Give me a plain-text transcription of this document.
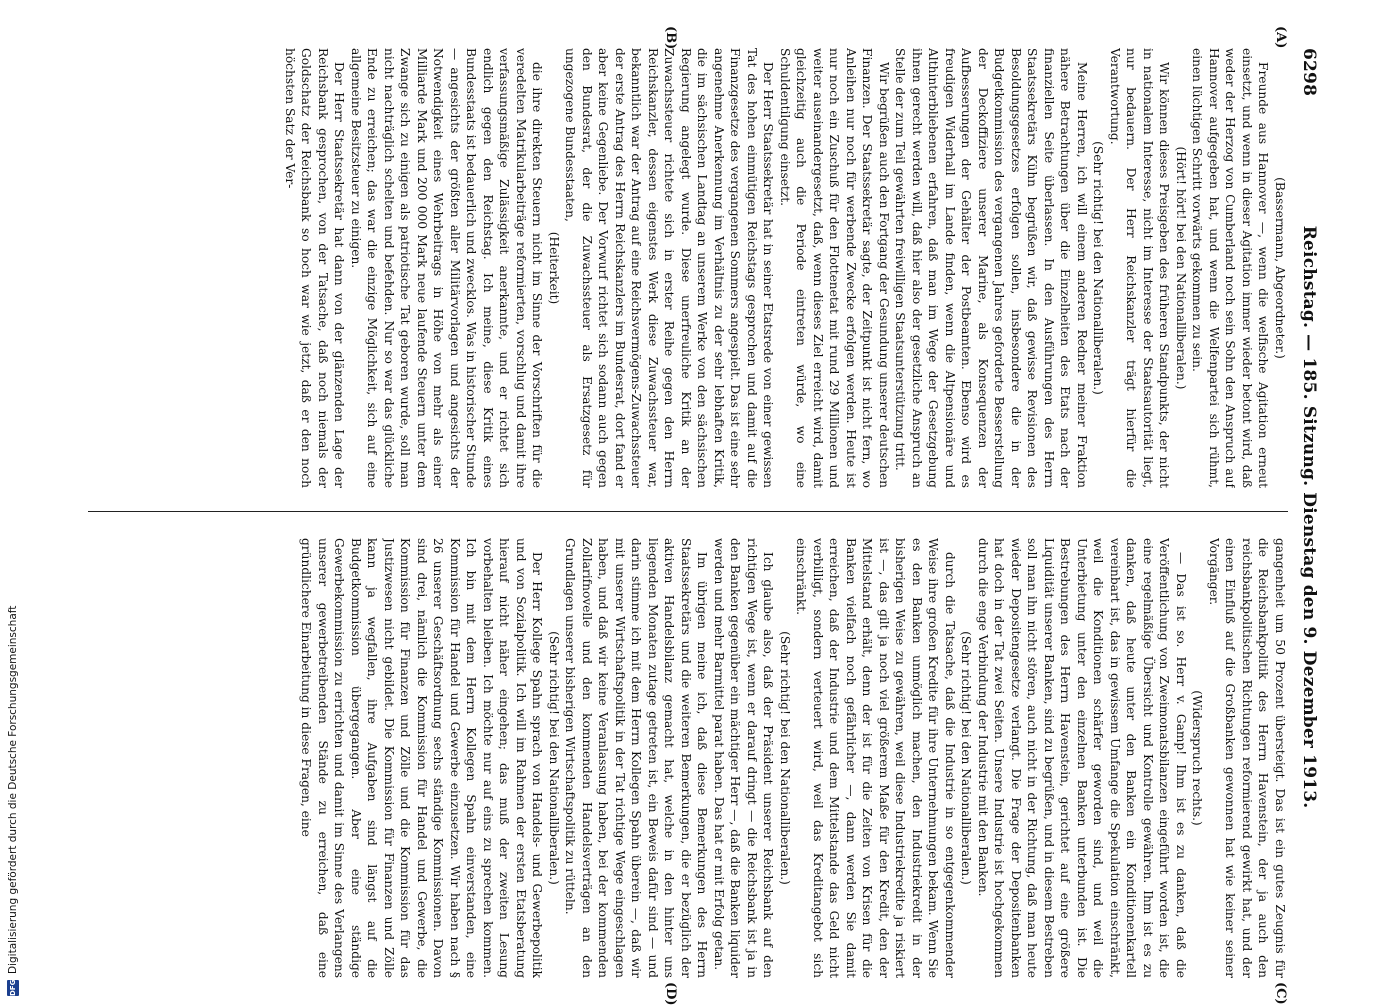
6298
Reichstag. — 185. Sitzung. Dienstag den 9. Dezember 1913.

(Bassermann, Abgeordneter.)

Freunde aus Hannover —, wenn die welfische Agitation erneut einsetzt, und wenn in dieser Agitation immer wieder betont wird, daß weder der Herzog von Cumberland noch sein Sohn den Anspruch auf Hannover aufgegeben hat, und wenn die Welfenpartei sich rühmt, einen lüchtigen Schritt vorwärts gekommen zu sein.

(Hört! hört! bei den Nationalliberalen.)

Wir können dieses Preisgeben des früheren Standpunkts, der nicht in nationalem Interesse, nicht im Interesse der Staatsautorität liegt, nur bedauern. Der Herr Reichskanzler trägt hierfür die Verantwortung.

(Sehr richtig! bei den Nationalliberalen.)

Meine Herren, ich will einem anderen Redner meiner Fraktion nähere Betrachtungen über die Einzelheiten des Etats nach der finanziellen Seite überlassen. In den Ausführungen des Herrn Staatssekretärs Kühn begrüßen wir, daß gewisse Revisionen des Besoldungsgesetzes erfolgen sollen, insbesondere die in der Budgetkommission des vergangenen Jahres geforderte Besserstellung der Deckoffiziere unserer Marine, als Konsequenzen der Aufbesserungen der Gehälter der Postbeamten. Ebenso wird es freudigen Widerhall im Lande finden, wenn die Altpensionäre und Althinterbliebenen erfahren, daß man im Wege der Gesetzgebung ihnen gerecht werden will, daß hier also der gesetzliche Anspruch an Stelle der zum Teil gewährten freiwilligen Staatsunterstützung tritt.

Wir begrüßen auch den Fortgang der Gesundung unserer deutschen Finanzen. Der Staatssekretär sagte, der Zeitpunkt ist nicht fern, wo Anleihen nur noch für werbende Zwecke erfolgen werden. Heute ist nur noch ein Zuschuß für den Flottenetat mit rund 29 Millionen und weiter auseinandergesetzt, daß, wenn dieses Ziel erreicht wird, damit gleichzeitig auch die Periode eintreten würde, wo eine Schuldentilgung einsetzt.

Der Herr Staatssekretär hat in seiner Etatsrede von einer gewissen Tat des hohen einmütigen Reichstags gesprochen und damit auf die Finanzgesetze des vergangenen Sommers angespielt. Das ist eine sehr angenehme Anerkennung im Verhältnis zu der sehr lebhaften Kritik, die im sächsischen Landtag an unserem Werke von den sächsischen Regierung angelegt wurde. Diese unerfreuliche Kritik an der Zuwachssteuer richtete sich in erster Reihe gegen den Herrn Reichskanzler, dessen eigenstes Werk diese Zuwachssteuer war, bekanntlich war der Antrag auf eine Reichsvermögens-Zuwachssteuer der erste Antrag des Herrn Reichskanzlers im Bundesrat, dort fand er aber keine Gegenliebe. Der Vorwurf richtet sich sodann auch gegen den Bundesrat, der die Zuwachssteuer als Ersatzgesetz für ungezogene Bundesstaaten,

(Heiterkeit)

die ihre direkten Steuern nicht im Sinne der Vorschriften für die veredelten Matrikularbeiträge reformierten, vorschlug und damit ihre verfassungsmäßige Zulässigkeit anerkannte, und er richtet sich endlich gegen den Reichstag. Ich meine, diese Kritik eines Bundesstaats ist bedauerlich und zwecklos. Was in historischer Stunde — angesichts der größten aller Militärvorlagen und angesichts der Notwendigkeit eines Wehrbeitrags in Höhe von mehr als einer Milliarde Mark und 200 000 Mark neue laufende Steuern unter dem Zwange sich zu einigen als patriotische Tat geboren wurde, soll man nicht nachträglich schelten und befehden. Nur so war das glückliche Ende zu erreichen; das war die einzige Möglichkeit, sich auf eine allgemeine Besitzsteuer zu einigen.

Der Herr Staatssekretär hat dann von der glänzenden Lage der Reichsbank gesprochen, von der Tatsache, daß noch niemals der Goldschatz der Reichsbank so hoch war wie jetzt, daß er den noch höchsten Satz der Ver-

gangenheit um 50 Prozent übersteigt. Das ist ein gutes Zeugnis für die Reichsbankpolitik des Herrn Havenstein, der ja auch den reichsbankpolitischen Richtungen reformierend gewirkt hat, und der einen Einfluß auf die Großbanken gewonnen hat wie keiner seiner Vorgänger.

(Widerspruch rechts.)

— Das ist so. Herr v. Gamp! Ihm ist es zu danken, daß die Veröffentlichung von Zweimonatsbilanzen eingeführt worden ist, die eine regelmäßige Übersicht und Kontrolle gewähren. Ihm ist es zu danken, daß heute unter den Banken ein Konditionenkartell vereinbart ist, das in gewissem Umfange die Spekulation einschränkt, weil die Konditionen schärfer geworden sind, und weil die Unterbietung unter den einzelnen Banken unterbunden ist. Die Bestrebungen des Herrn Havenstein, gerichtet auf eine größere Liquidität unserer Banken, sind zu begrüßen, und in diesem Bestreben soll man ihn nicht stören, auch nicht in der Richtung, daß man heute wieder Depositengesetze verlangt. Die Frage der Depositenbanken hat doch in der Tat zwei Seiten. Unsere Industrie ist hochgekommen durch die enge Verbindung der Industrie mit den Banken.

(Sehr richtig! bei den Nationalliberalen.)

durch die Tatsache, daß die Industrie in so entgegenkommender Weise ihre großen Kredite für ihre Unternehmungen bekam. Wenn Sie es den Banken unmöglich machen, den Industriekredit in der bisherigen Weise zu gewähren, weil diese Industriekredite ja riskiert ist —, das gilt ja noch viel größerem Maße für den Kredit, den der Mittelstand erhält, denn der ist für die Zeiten von Krisen für die Banken vielfach noch gefährlicher —, dann werden Sie damit erreichen, daß der Industrie und dem Mittelstande das Geld nicht verbilligt, sondern verteuert wird, weil das Kreditangebot sich einschränkt.

(Sehr richtig! bei den Nationalliberalen.)

Ich glaube also, daß der Präsident unserer Reichsbank auf den richtigen Wege ist, wenn er darauf dringt — die Reichsbank ist ja in den Banken gegenüber ein mächtiger Herr —, daß die Banken liquider werden und mehr Barmittel parat haben. Das hat er mit Erfolg getan.

Im übrigen meine ich, daß diese Bemerkungen des Herrn Staatssekretärs und die weiteren Bemerkungen, die er bezüglich der aktiven Handelsbilanz gemacht hat, welche in den hinter uns liegenden Monaten zutage getreten ist, ein Beweis dafür sind — und darin stimme ich mit dem Herrn Kollegen Spahn überein —, daß wir mit unserer Wirtschaftspolitik in der Tat richtige Wege eingeschlagen haben, und daß wir keine Veranlassung haben, bei der kommenden Zollarifnovelle und den kommenden Handelsverträgen an den Grundlagen unserer bisherigen Wirtschaftspolitik zu rütteln.

(Sehr richtig! bei den Nationalliberalen.)

Der Herr Kollege Spahn sprach von Handels- und Gewerbepolitik und von Sozialpolitik. Ich will im Rahmen der ersten Etatsberatung hierauf nicht näher eingehen; das muß der zweiten Lesung vorbehalten bleiben. Ich möchte nur auf eins zu sprechen kommen. Ich bin mit dem Herrn Kollegen Spahn einverstanden, eine Kommission für Handel und Gewerbe einzusetzen. Wir haben nach § 26 unserer Geschäftsordnung sechs ständige Kommissionen. Davon sind drei, nämlich die Kommission für Handel und Gewerbe, die Kommission für Finanzen und Zölle und die Kommission für das Justizwesen nicht gebildet. Die Kommission für Finanzen und Zölle kann ja wegfallen, ihre Aufgaben sind längst auf die Budgetkommission übergegangen. Aber eine ständige Gewerbekommission zu errichten und damit im Sinne des Verlangens unserer gewerbetreibenden Stände zu erreichen, daß eine gründlichere Einarbeitung in diese Fragen, eine

(A)
(B)
(C)
(D)
DFG
Digitalisierung gefördert durch die Deutsche Forschungsgemeinschaft
